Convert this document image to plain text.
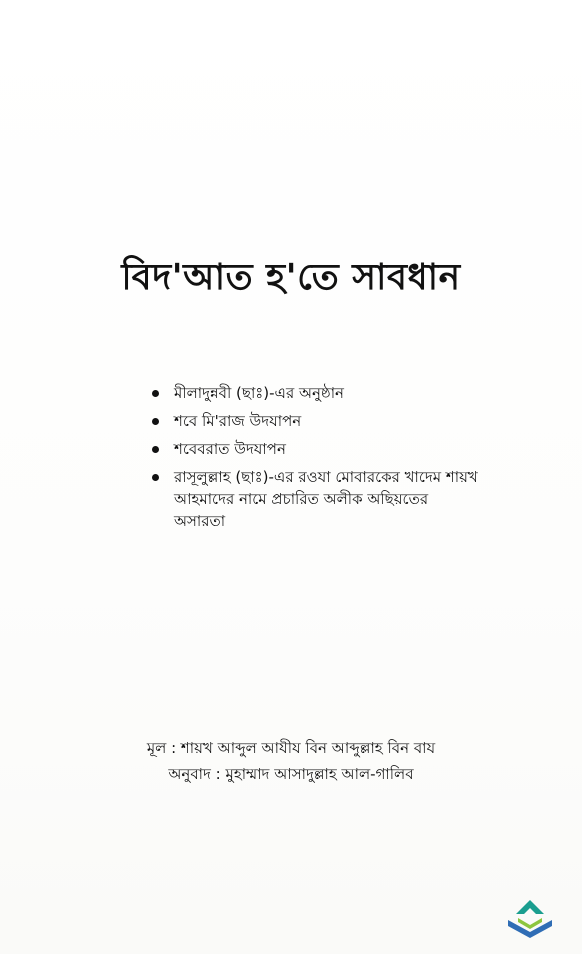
বিদ'আত হ'তে সাবধান
মীলাদুন্নবী (ছাঃ)-এর অনুষ্ঠান
শবে মি'রাজ উদযাপন
শবেবরাত উদযাপন
রাসূলুল্লাহ (ছাঃ)-এর রওযা মোবারকের খাদেম শায়খ আহমাদের নামে প্রচারিত অলীক অছিয়তের অসারতা
মূল : শায়খ আব্দুল আযীয বিন আব্দুল্লাহ বিন বায
অনুবাদ : মুহাম্মাদ আসাদুল্লাহ আল-গালিব
